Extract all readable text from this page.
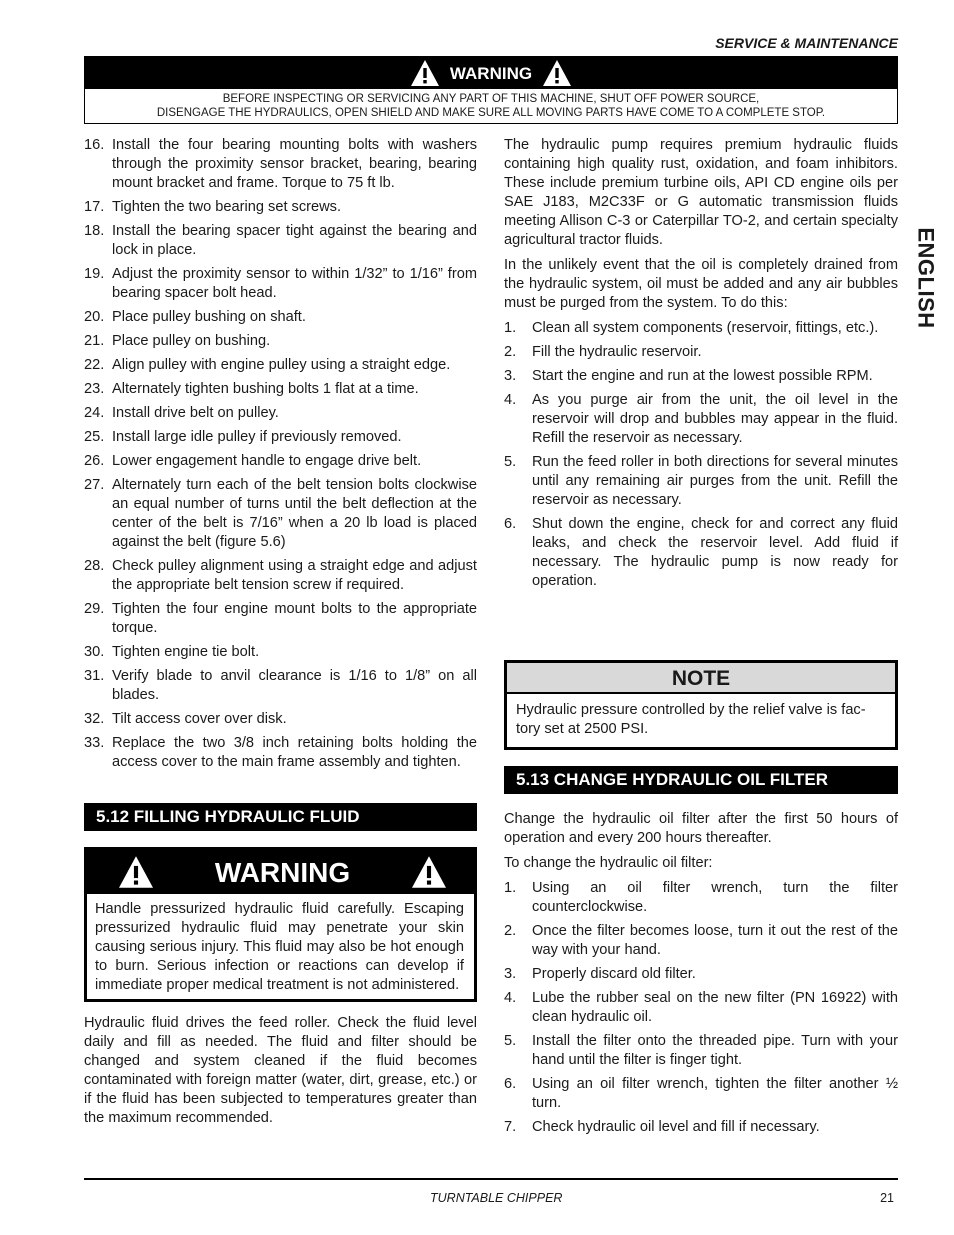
SERVICE & MAINTENANCE
WARNING
BEFORE INSPECTING OR SERVICING ANY PART OF THIS MACHINE, SHUT OFF POWER SOURCE,
DISENGAGE THE HYDRAULICS, OPEN SHIELD AND MAKE SURE ALL MOVING PARTS HAVE COME TO A COMPLETE STOP.
ENGLISH
16. Install the four bearing mounting bolts with washers through the proximity sensor bracket, bearing, bearing mount bracket and frame. Torque to 75 ft lb.
17. Tighten the two bearing set screws.
18. Install the bearing spacer tight against the bearing and lock in place.
19. Adjust the proximity sensor to within 1/32” to 1/16” from bearing spacer bolt head.
20. Place pulley bushing on shaft.
21. Place pulley on bushing.
22. Align pulley with engine pulley using a straight edge.
23. Alternately tighten bushing bolts 1 flat at a time.
24. Install drive belt on pulley.
25. Install large idle pulley if previously removed.
26. Lower engagement handle to engage drive belt.
27. Alternately turn each of the belt tension bolts clockwise an equal number of turns until the belt deflection at the center of the belt is 7/16” when a 20 lb load is placed against the belt (figure 5.6)
28. Check pulley alignment using a straight edge and adjust the appropriate belt tension screw if required.
29. Tighten the four engine mount bolts to the appropriate torque.
30. Tighten engine tie bolt.
31. Verify blade to anvil clearance is 1/16 to 1/8” on all blades.
32. Tilt access cover over disk.
33. Replace the two 3/8 inch retaining bolts holding the access cover to the main frame assembly and tighten.
5.12 FILLING HYDRAULIC FLUID
WARNING
Handle pressurized hydraulic fluid carefully. Escaping pressurized hydraulic fluid may penetrate your skin causing serious injury. This fluid may also be hot enough to burn. Serious infection or reactions can develop if immediate proper medical treatment is not administered.

Hydraulic fluid drives the feed roller. Check the fluid level daily and fill as needed. The fluid and filter should be changed and system cleaned if the fluid becomes contaminated with foreign matter (water, dirt, grease, etc.) or if the fluid has been subjected to temperatures greater than the maximum recommended.

The hydraulic pump requires premium hydraulic fluids containing high quality rust, oxidation, and foam inhibitors. These include premium turbine oils, API CD engine oils per SAE J183, M2C33F or G automatic transmission fluids meeting Allison C-3 or Caterpillar TO-2, and certain specialty agricultural tractor fluids.

In the unlikely event that the oil is completely drained from the hydraulic system, oil must be added and any air bubbles must be purged from the system. To do this:

1.	Clean all system components (reservoir, fittings, etc.).
2.	Fill the hydraulic reservoir.
3.	Start the engine and run at the lowest possible RPM.
4.	As you purge air from the unit, the oil level in the reservoir will drop and bubbles may appear in the fluid. Refill the reservoir as necessary.
5.	Run the feed roller in both directions for several minutes until any remaining air purges from the unit. Refill the reservoir as necessary.
6.	Shut down the engine, check for and correct any fluid leaks, and check the reservoir level. Add fluid if necessary. The hydraulic pump is now ready for operation.
NOTE
Hydraulic pressure controlled by the relief valve is fac-tory set at 2500 PSI.
5.13 CHANGE HYDRAULIC OIL FILTER

Change the hydraulic oil filter after the first 50 hours of operation and every 200 hours thereafter.

To change the hydraulic oil filter:

1.	Using an oil filter wrench, turn the filter counterclockwise.
2.	Once the filter becomes loose, turn it out the rest of the way with your hand.
3.	Properly discard old filter.
4.	Lube the rubber seal on the new filter (PN 16922) with clean hydraulic oil.
5.	Install the filter onto the threaded pipe. Turn with your hand until the filter is finger tight.
6.	Using an oil filter wrench, tighten the filter another ½ turn.
7.	Check hydraulic oil level and fill if necessary.
TURNTABLE CHIPPER	21
